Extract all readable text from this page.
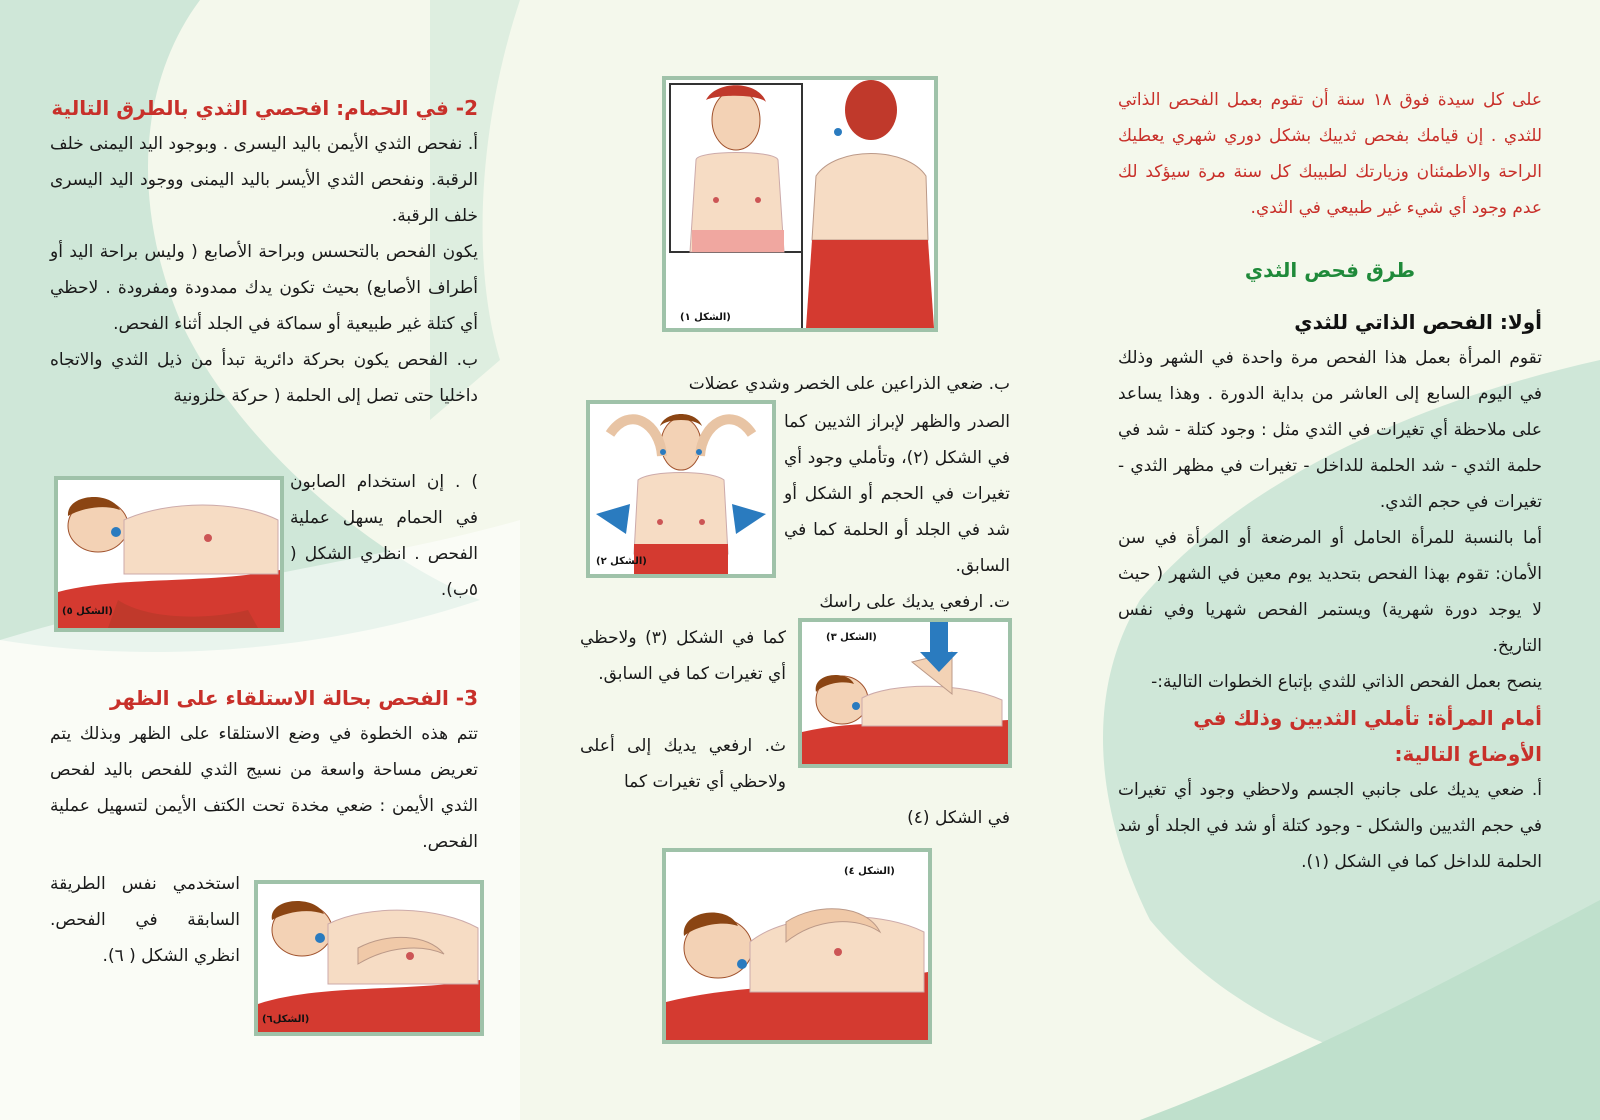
على كل سيدة فوق ١٨ سنة أن تقوم بعمل الفحص الذاتي للثدي . إن قيامك بفحص ثدييك بشكل دوري شهري يعطيك الراحة والاطمئنان وزيارتك لطبيبك كل سنة مرة سيؤكد لك عدم وجود أي شيء غير طبيعي في الثدي.

طرق فحص الثدي

أولا: الفحص الذاتي للثدي

تقوم المرأة بعمل هذا الفحص مرة واحدة في الشهر وذلك في اليوم السابع إلى العاشر من بداية الدورة . وهذا يساعد على ملاحظة أي تغيرات في الثدي مثل : وجود كتلة - شد في حلمة الثدي - شد الحلمة للداخل - تغيرات في مظهر الثدي - تغيرات في حجم الثدي.

أما بالنسبة للمرأة الحامل أو المرضعة أو المرأة في سن الأمان: تقوم بهذا الفحص بتحديد يوم معين في الشهر ( حيث لا يوجد دورة شهرية) ويستمر الفحص شهريا وفي نفس التاريخ.

ينصح بعمل الفحص الذاتي للثدي بإتباع الخطوات التالية:-

أمام المرأة: تأملي الثديين وذلك في الأوضاع التالية:

أ. ضعي يديك على جانبي الجسم ولاحظي وجود أي تغيرات في حجم الثديين والشكل - وجود كتلة أو شد في الجلد أو شد الحلمة للداخل كما في الشكل (١).

(الشكل ١)

ب. ضعي الذراعين على الخصر وشدي عضلات

(الشكل ٢)

الصدر والظهر لإبراز الثديين كما في الشكل (٢)، وتأملي وجود أي تغيرات في الحجم أو الشكل أو شد في الجلد أو الحلمة كما في السابق.

ت. ارفعي يديك على راسك

(الشكل ٣)

كما في الشكل (٣) ولاحظي أي تغيرات كما في السابق.

ث. ارفعي يديك إلى أعلى ولاحظي أي تغيرات كما

في الشكل (٤)

(الشكل ٤)

2- في الحمام: افحصي الثدي بالطرق التالية

أ. نفحص الثدي الأيمن باليد اليسرى . وبوجود اليد اليمنى خلف الرقبة. ونفحص الثدي الأيسر باليد اليمنى ووجود اليد اليسرى خلف الرقبة.

يكون الفحص بالتحسس وبراحة الأصابع ( وليس براحة اليد أو أطراف الأصابع) بحيث تكون يدك ممدودة ومفرودة . لاحظي أي كتلة غير طبيعية أو سماكة في الجلد أثناء الفحص.

ب. الفحص يكون بحركة دائرية تبدأ من ذيل الثدي والاتجاه داخليا حتى تصل إلى الحلمة ( حركة حلزونية

(الشكل ٥)

) . إن استخدام الصابون في الحمام يسهل عملية الفحص . انظري الشكل ( ٥ب).

3- الفحص بحالة الاستلقاء على الظهر

تتم هذه الخطوة في وضع الاستلقاء على الظهر وبذلك يتم تعريض مساحة واسعة من نسيج الثدي للفحص باليد لفحص الثدي الأيمن : ضعي مخدة تحت الكتف الأيمن لتسهيل عملية الفحص.

استخدمي نفس الطريقة السابقة في الفحص. انظري الشكل ( ٦).

(الشكل٦)
